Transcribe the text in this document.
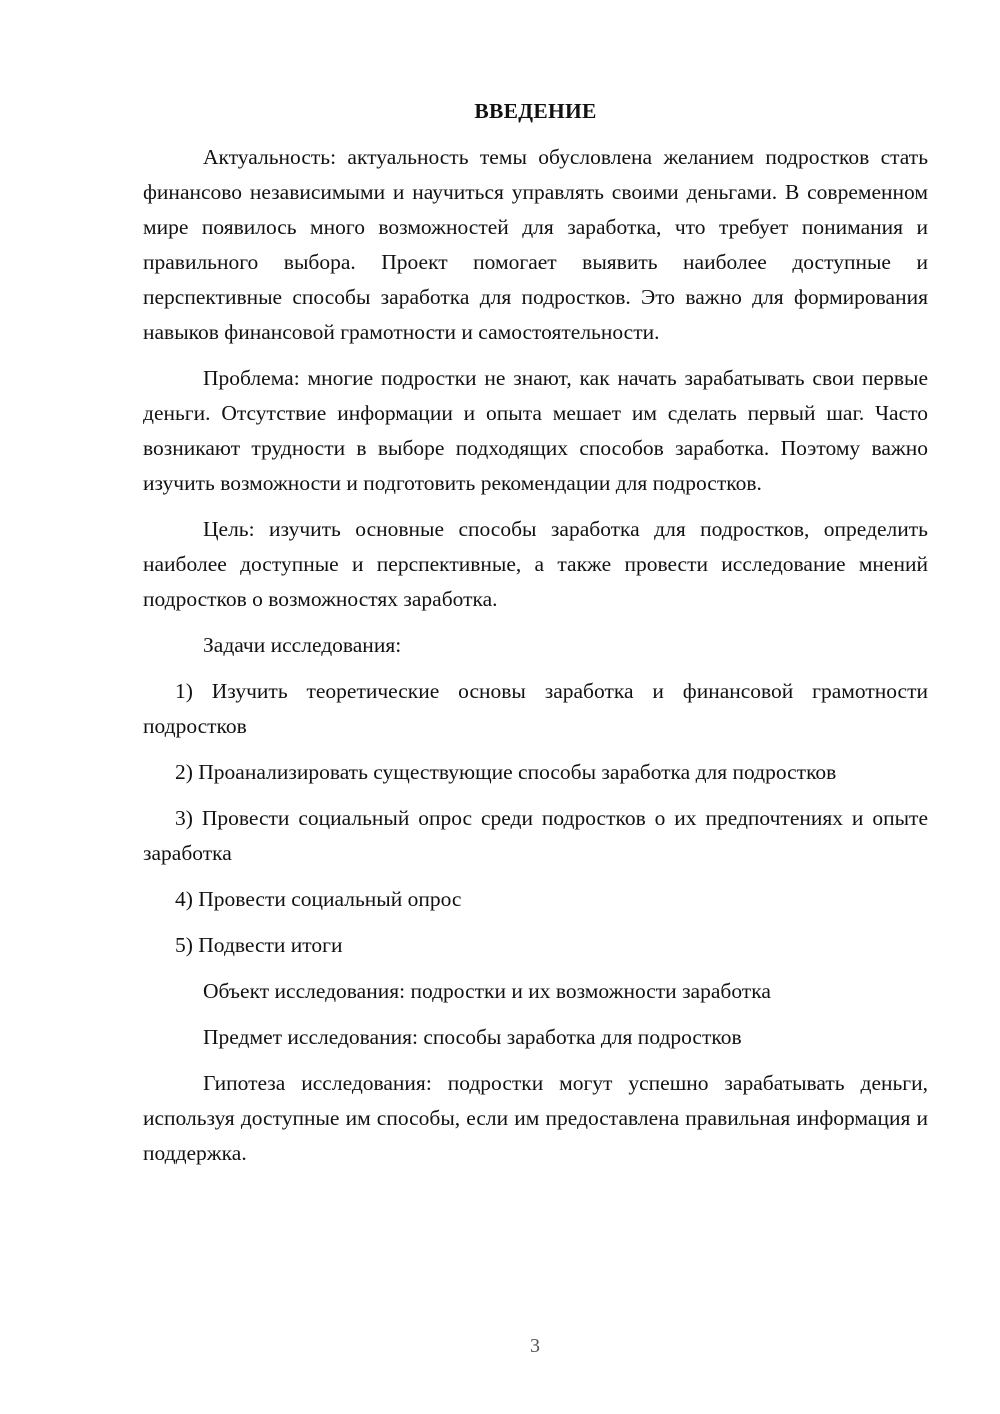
ВВЕДЕНИЕ

Актуальность: актуальность темы обусловлена желанием подростков стать финансово независимыми и научиться управлять своими деньгами. В современном мире появилось много возможностей для заработка, что требует понимания и правильного выбора. Проект помогает выявить наиболее доступные и перспективные способы заработка для подростков. Это важно для формирования навыков финансовой грамотности и самостоятельности.

Проблема: многие подростки не знают, как начать зарабатывать свои первые деньги. Отсутствие информации и опыта мешает им сделать первый шаг. Часто возникают трудности в выборе подходящих способов заработка. Поэтому важно изучить возможности и подготовить рекомендации для подростков.

Цель: изучить основные способы заработка для подростков, определить наиболее доступные и перспективные, а также провести исследование мнений подростков о возможностях заработка.

Задачи исследования:

1) Изучить теоретические основы заработка и финансовой грамотности подростков
2) Проанализировать существующие способы заработка для подростков
3) Провести социальный опрос среди подростков о их предпочтениях и опыте заработка
4) Провести социальный опрос
5) Подвести итоги

Объект исследования: подростки и их возможности заработка

Предмет исследования: способы заработка для подростков

Гипотеза исследования: подростки могут успешно зарабатывать деньги, используя доступные им способы, если им предоставлена правильная информация и поддержка.

3
